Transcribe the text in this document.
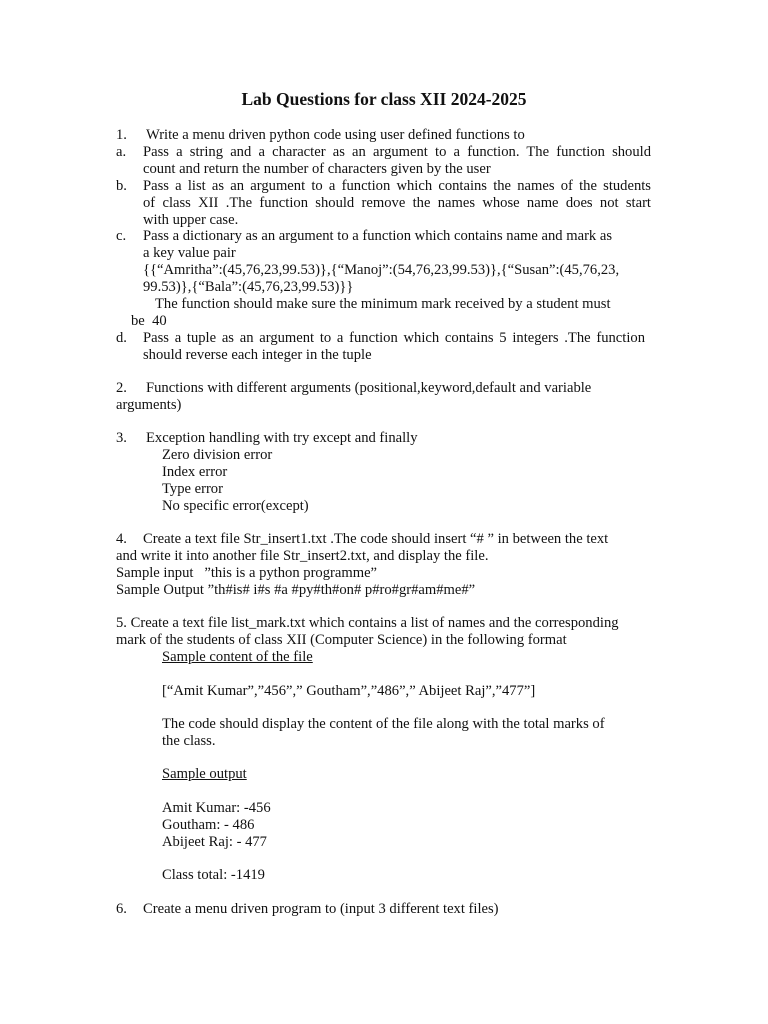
Lab Questions for class XII 2024-2025
1. Write a menu driven python code using user defined functions to
a. Pass a string and a character as an argument to a function. The function should
count and return the number of characters given by the user
b. Pass a list as an argument to a function which contains the names of the students
of class XII .The function should remove the names whose name does not start
with upper case.
c. Pass a dictionary as an argument to a function which contains name and mark as
a key value pair
{{“Amritha”:(45,76,23,99.53)},{“Manoj”:(54,76,23,99.53)},{“Susan”:(45,76,23,
99.53)},{“Bala”:(45,76,23,99.53)}}
The function should make sure the minimum mark received by a student must
be  40
d. Pass a tuple as an argument to a function which contains 5 integers .The function
should reverse each integer in the tuple
2. Functions with different arguments (positional,keyword,default and variable
arguments)
3. Exception handling with try except and finally
Zero division error
Index error
Type error
No specific error(except)
4. Create a text file Str_insert1.txt .The code should insert “# ” in between the text
and write it into another file Str_insert2.txt, and display the file.
Sample input   ”this is a python programme”
Sample Output ”th#is# i#s #a #py#th#on# p#ro#gr#am#me#”
5. Create a text file list_mark.txt which contains a list of names and the corresponding
mark of the students of class XII (Computer Science) in the following format
Sample content of the file
[“Amit Kumar”,”456”,” Goutham”,”486”,” Abijeet Raj”,”477”]
The code should display the content of the file along with the total marks of
the class.
Sample output
Amit Kumar: -456
Goutham: - 486
Abijeet Raj: - 477
Class total: -1419
6. Create a menu driven program to (input 3 different text files)
